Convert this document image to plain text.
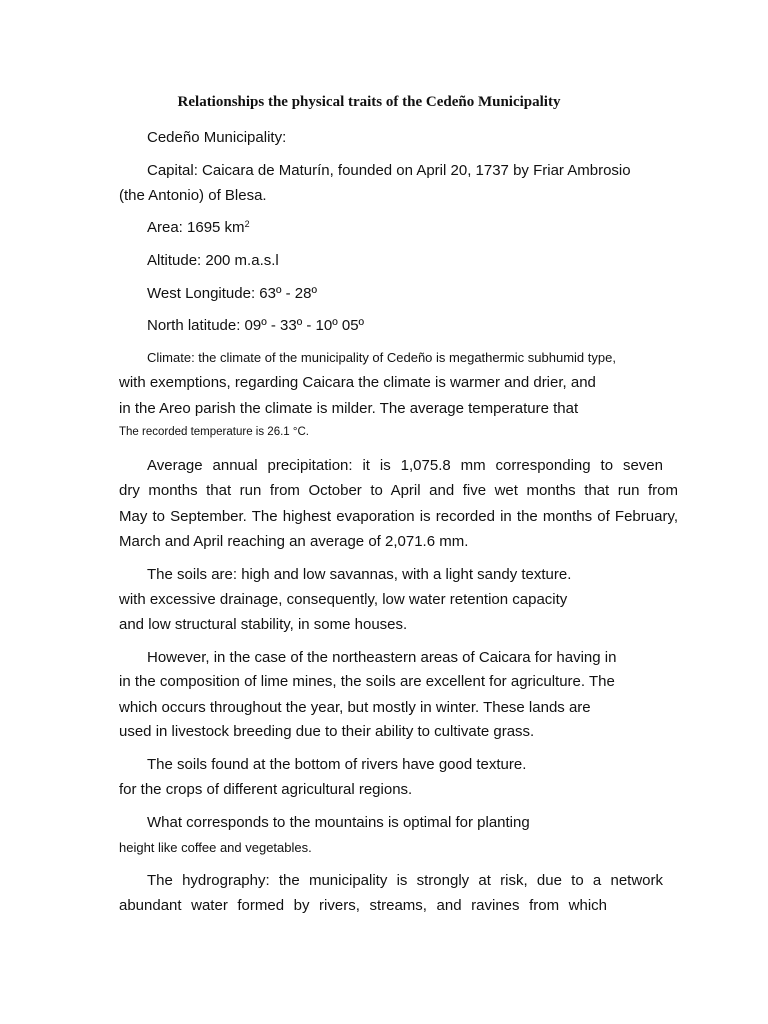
Relationships the physical traits of the Cedeño Municipality
Cedeño Municipality:
Capital: Caicara de Maturín, founded on April 20, 1737 by Friar Ambrosio
(the Antonio) of Blesa.
Area: 1695 $km^2$
Altitude: 200 m.a.s.l
West Longitude: 63º - 28º
North latitude: 09º - 33º - 10º 05º
Climate: the climate of the municipality of Cedeño is megathermic subhumid type,
with exemptions, regarding Caicara the climate is warmer and drier, and
in the Areo parish the climate is milder. The average temperature that
The recorded temperature is 26.1 °C.
Average annual precipitation: it is 1,075.8 mm corresponding to seven
dry months that run from October to April and five wet months that run from
May to September. The highest evaporation is recorded in the months of February,
March and April reaching an average of 2,071.6 mm.
The soils are: high and low savannas, with a light sandy texture.
with excessive drainage, consequently, low water retention capacity
and low structural stability, in some houses.
However, in the case of the northeastern areas of Caicara for having in
in the composition of lime mines, the soils are excellent for agriculture. The
which occurs throughout the year, but mostly in winter. These lands are
used in livestock breeding due to their ability to cultivate grass.
The soils found at the bottom of rivers have good texture.
for the crops of different agricultural regions.
What corresponds to the mountains is optimal for planting
height like coffee and vegetables.
The hydrography: the municipality is strongly at risk, due to a network
abundant water formed by rivers, streams, and ravines from which
